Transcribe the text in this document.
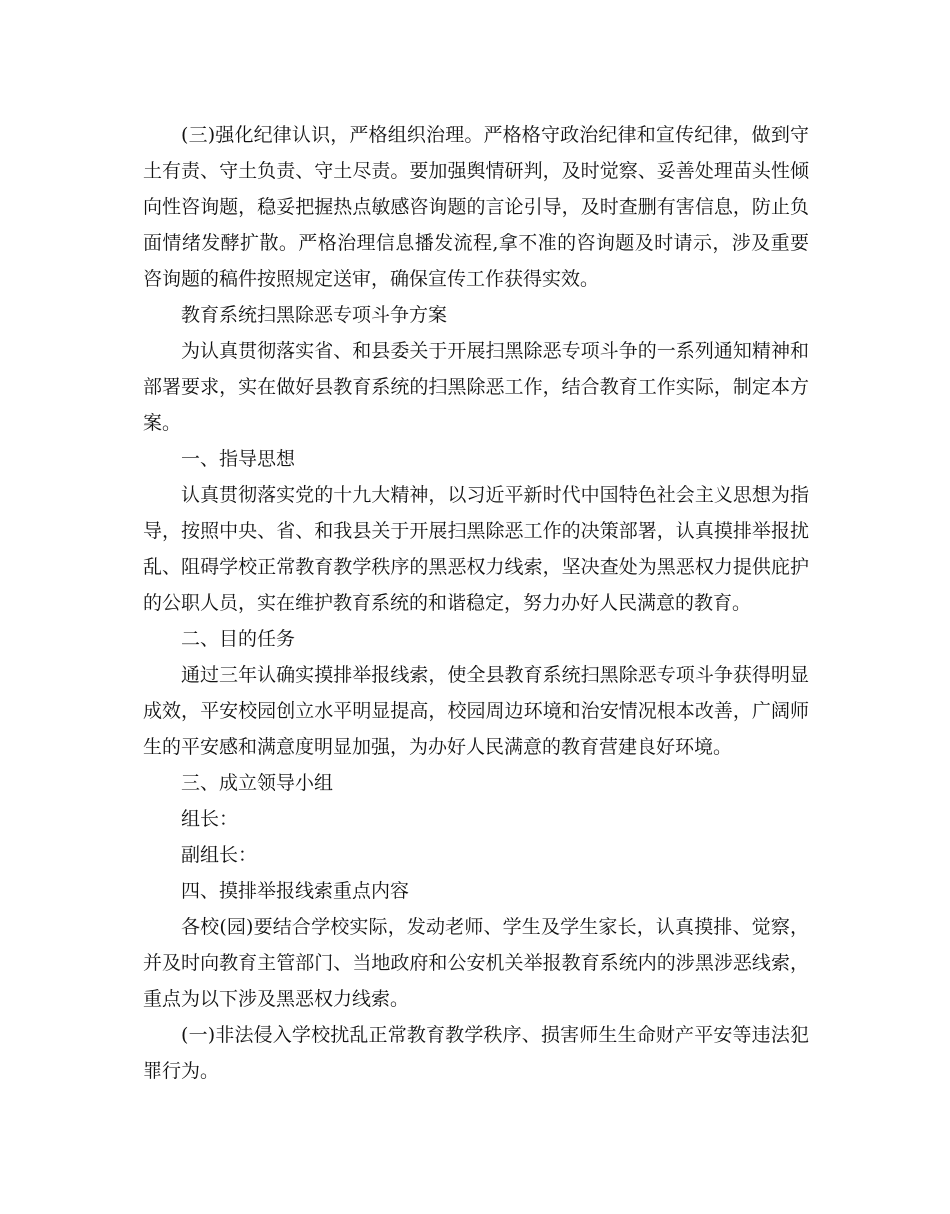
(三)强化纪律认识，严格组织治理。严格格守政治纪律和宣传纪律，做到守土有责、守土负责、守土尽责。要加强舆情研判，及时觉察、妥善处理苗头性倾向性咨询题，稳妥把握热点敏感咨询题的言论引导，及时查删有害信息，防止负面情绪发酵扩散。严格治理信息播发流程,拿不准的咨询题及时请示，涉及重要咨询题的稿件按照规定送审，确保宣传工作获得实效。

教育系统扫黑除恶专项斗争方案

为认真贯彻落实省、和县委关于开展扫黑除恶专项斗争的一系列通知精神和部署要求，实在做好县教育系统的扫黑除恶工作，结合教育工作实际，制定本方案。

一、指导思想

认真贯彻落实党的十九大精神，以习近平新时代中国特色社会主义思想为指导，按照中央、省、和我县关于开展扫黑除恶工作的决策部署，认真摸排举报扰乱、阻碍学校正常教育教学秩序的黑恶权力线索，坚决查处为黑恶权力提供庇护的公职人员，实在维护教育系统的和谐稳定，努力办好人民满意的教育。

二、目的任务

通过三年认确实摸排举报线索，使全县教育系统扫黑除恶专项斗争获得明显成效，平安校园创立水平明显提高，校园周边环境和治安情况根本改善，广阔师生的平安感和满意度明显加强，为办好人民满意的教育营建良好环境。

三、成立领导小组

组长：

副组长：

四、摸排举报线索重点内容

各校(园)要结合学校实际，发动老师、学生及学生家长，认真摸排、觉察，并及时向教育主管部门、当地政府和公安机关举报教育系统内的涉黑涉恶线索，重点为以下涉及黑恶权力线索。

(一)非法侵入学校扰乱正常教育教学秩序、损害师生生命财产平安等违法犯罪行为。
